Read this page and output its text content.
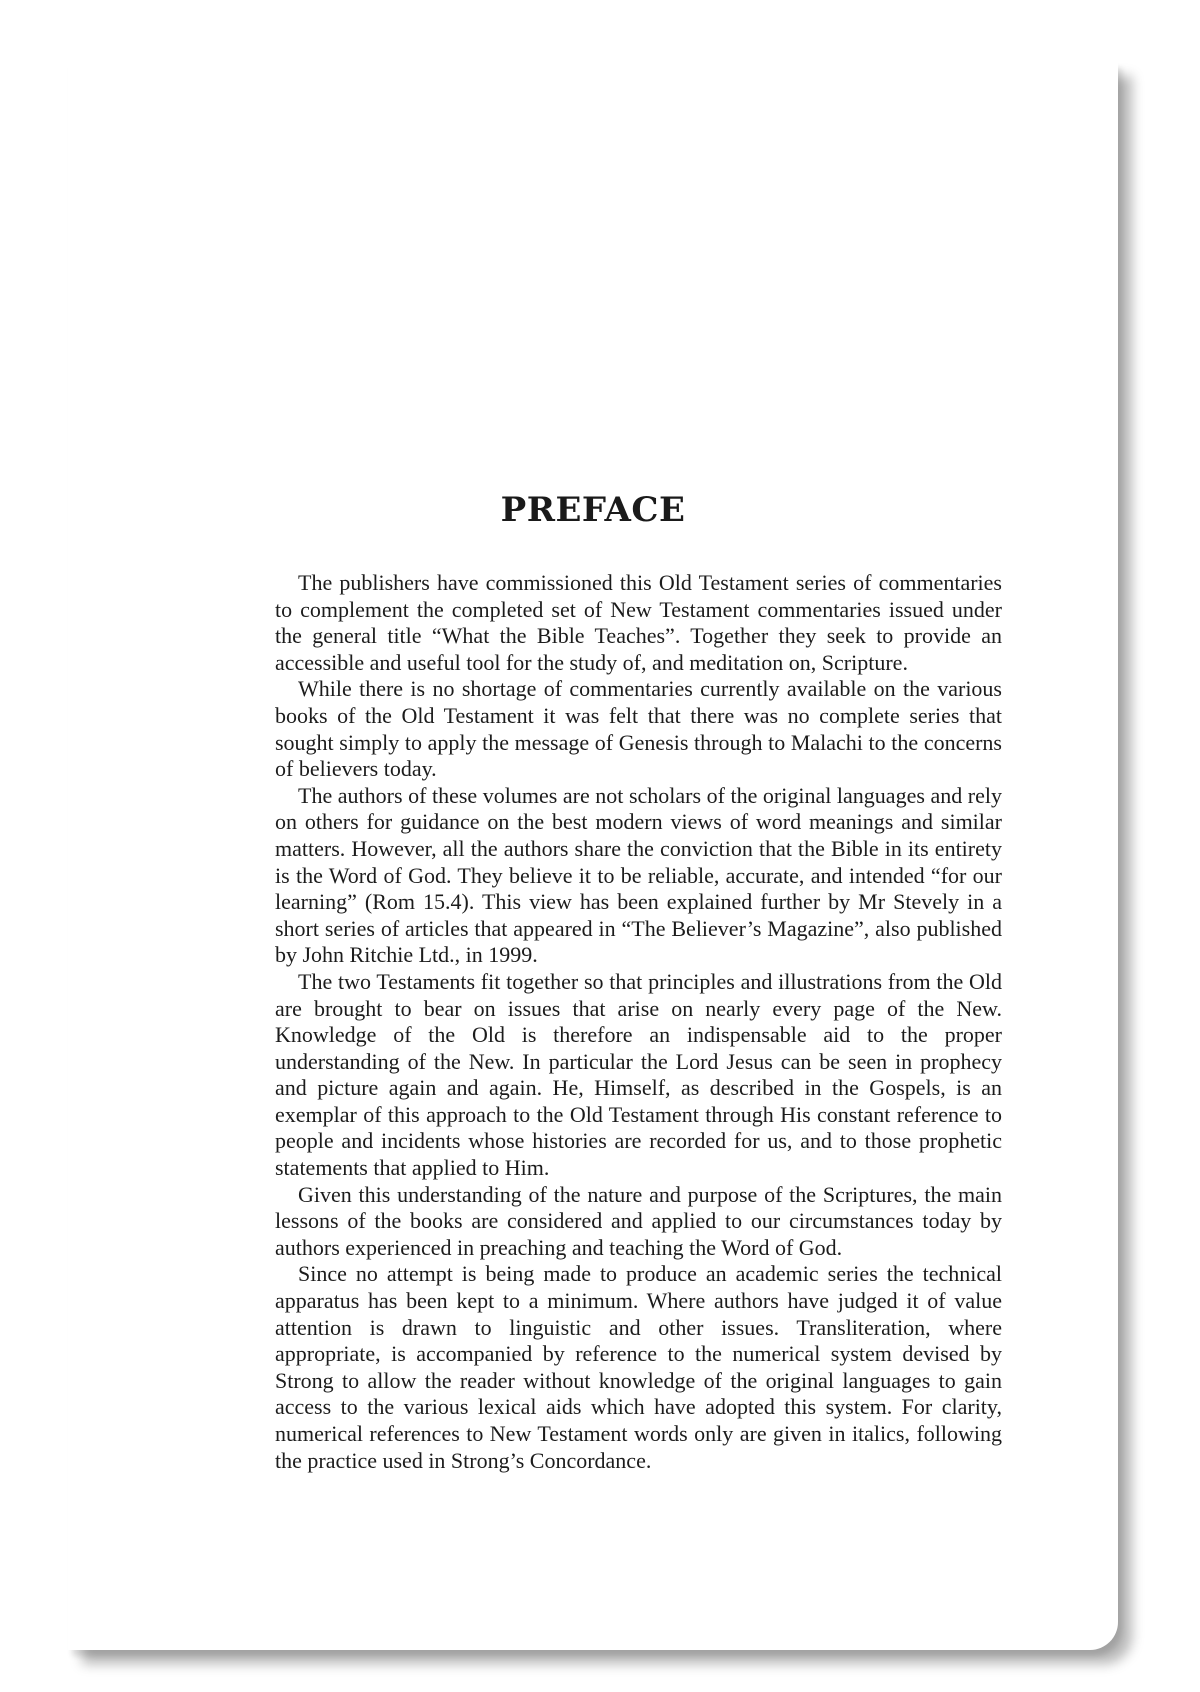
PREFACE

The publishers have commissioned this Old Testament series of commentaries to complement the completed set of New Testament commentaries issued under the general title “What the Bible Teaches”. Together they seek to provide an accessible and useful tool for the study of, and meditation on, Scripture.

While there is no shortage of commentaries currently available on the various books of the Old Testament it was felt that there was no complete series that sought simply to apply the message of Genesis through to Malachi to the concerns of believers today.

The authors of these volumes are not scholars of the original languages and rely on others for guidance on the best modern views of word meanings and similar matters. However, all the authors share the conviction that the Bible in its entirety is the Word of God. They believe it to be reliable, accurate, and intended “for our learning” (Rom 15.4). This view has been explained further by Mr Stevely in a short series of articles that appeared in “The Believer’s Magazine”, also published by John Ritchie Ltd., in 1999.

The two Testaments fit together so that principles and illustrations from the Old are brought to bear on issues that arise on nearly every page of the New. Knowledge of the Old is therefore an indispensable aid to the proper understanding of the New. In particular the Lord Jesus can be seen in prophecy and picture again and again. He, Himself, as described in the Gospels, is an exemplar of this approach to the Old Testament through His constant reference to people and incidents whose histories are recorded for us, and to those prophetic statements that applied to Him.

Given this understanding of the nature and purpose of the Scriptures, the main lessons of the books are considered and applied to our circumstances today by authors experienced in preaching and teaching the Word of God.

Since no attempt is being made to produce an academic series the technical apparatus has been kept to a minimum. Where authors have judged it of value attention is drawn to linguistic and other issues. Transliteration, where appropriate, is accompanied by reference to the numerical system devised by Strong to allow the reader without knowledge of the original languages to gain access to the various lexical aids which have adopted this system. For clarity, numerical references to New Testament words only are given in italics, following the practice used in Strong’s Concordance.
